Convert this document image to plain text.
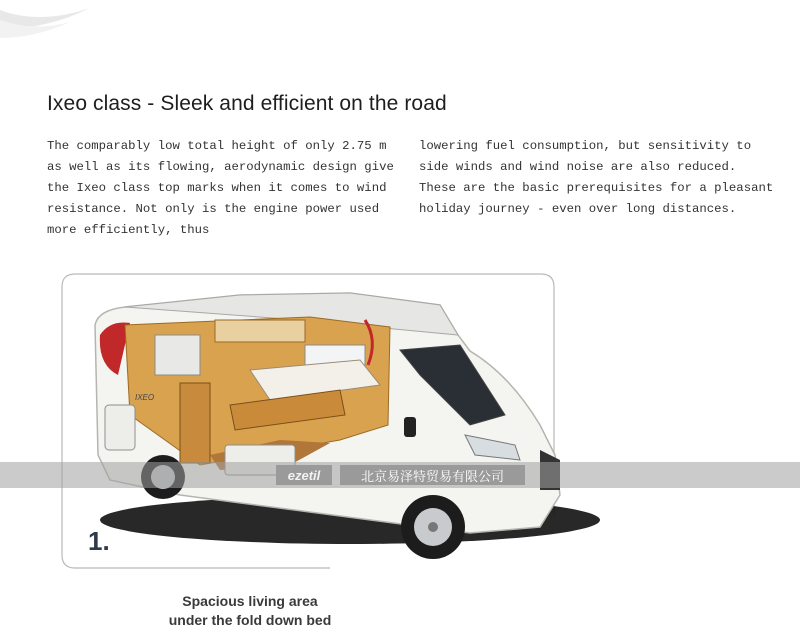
Ixeo class - Sleek and efficient on the road
The comparably low total height of only 2.75 m as well as its flowing, aerodynamic design give the Ixeo class top marks when it comes to wind resistance. Not only is the engine power used more efficiently, thus
lowering fuel consumption, but sensitivity to side winds and wind noise are also reduced. These are the basic prerequisites for a pleasant holiday journey - even over long distances.
IXEO
ezetil	北京易泽特贸易有限公司
1.
Spacious living area
under the fold down bed
